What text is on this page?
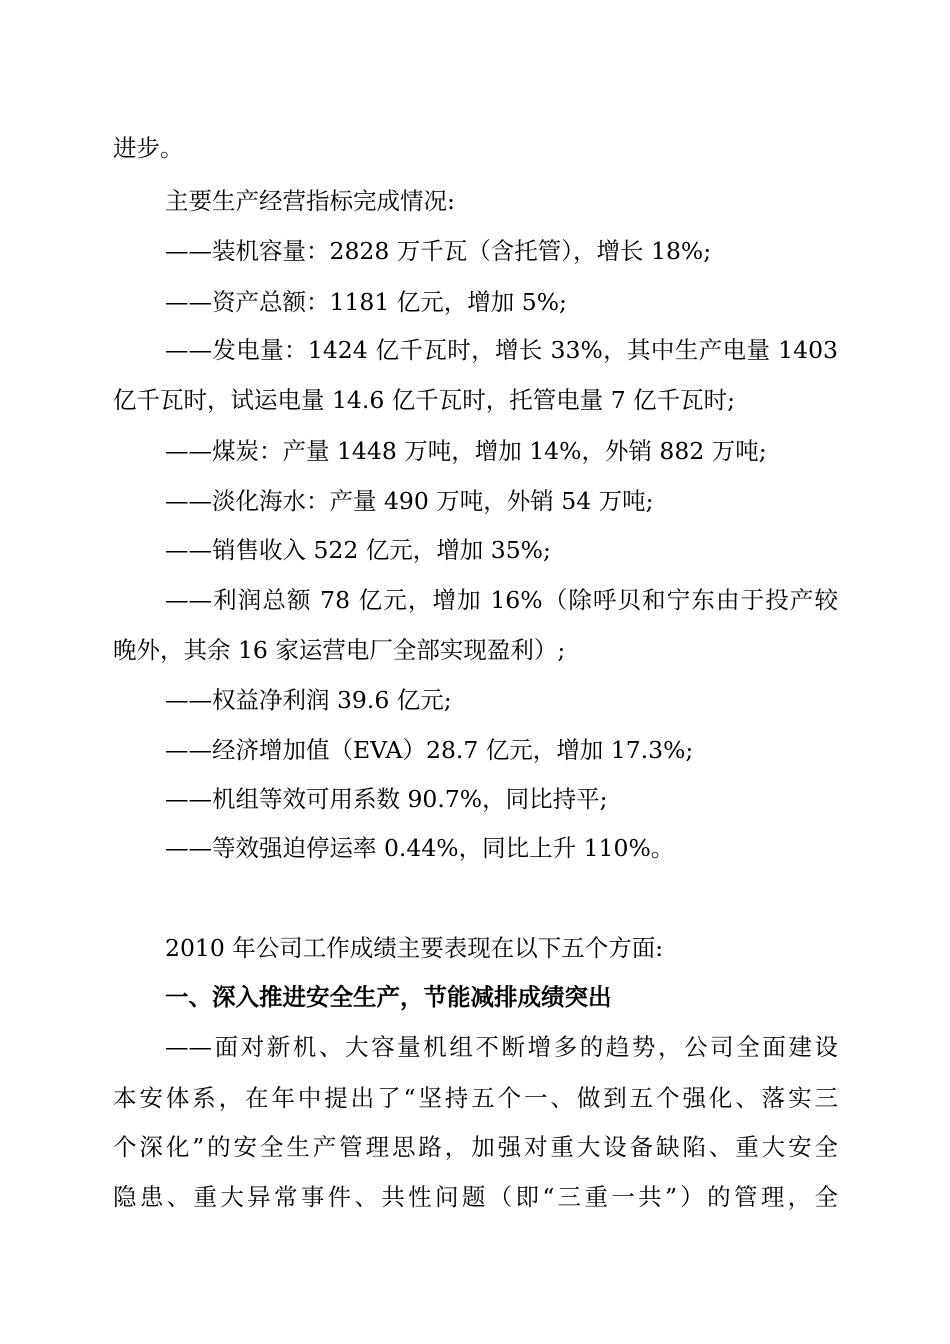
进步。
主要生产经营指标完成情况:
——装机容量：2828 万千瓦（含托管），增长 18%;
——资产总额：1181 亿元，增加 5%;
——发电量：1424 亿千瓦时，增长 33%，其中生产电量 1403
亿千瓦时，试运电量 14.6 亿千瓦时，托管电量 7 亿千瓦时;
——煤炭：产量 1448 万吨，增加 14%，外销 882 万吨;
——淡化海水：产量 490 万吨，外销 54 万吨;
——销售收入 522 亿元，增加 35%;
——利润总额 78 亿元，增加 16%（除呼贝和宁东由于投产较
晚外，其余 16 家运营电厂全部实现盈利）;
——权益净利润 39.6 亿元;
——经济增加值（EVA）28.7 亿元，增加 17.3%;
——机组等效可用系数 90.7%，同比持平;
——等效强迫停运率 0.44%，同比上升 110%。
2010 年公司工作成绩主要表现在以下五个方面:
一、深入推进安全生产，节能减排成绩突出
——面对新机、大容量机组不断增多的趋势，公司全面建设
本安体系，在年中提出了“坚持五个一、做到五个强化、落实三
个深化”的安全生产管理思路，加强对重大设备缺陷、重大安全
隐患、重大异常事件、共性问题（即“三重一共”）的管理，全
